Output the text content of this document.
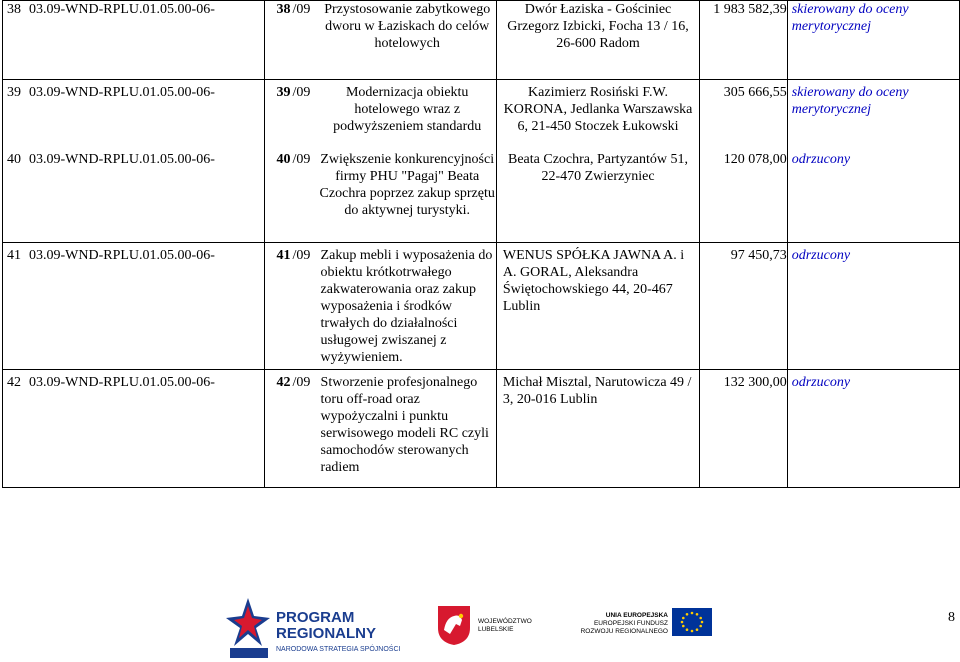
38 03.09-WND-RPLU.01.05.00-06-	38 /09 Przystosowanie zabytkowego dworu w Łaziskach do celów hotelowych	Dwór Łaziska - Gościniec Grzegorz Izbicki, Focha 13 / 16, 26-600 Radom	1 983 582,39	skierowany do oceny merytorycznej

39 03.09-WND-RPLU.01.05.00-06-	39 /09 Modernizacja obiektu hotelowego wraz z podwyższeniem standardu	Kazimierz Rosiński F.W. KORONA, Jedlanka Warszawska 6, 21-450 Stoczek Łukowski	305 666,55	skierowany do oceny merytorycznej

40 03.09-WND-RPLU.01.05.00-06-	40 /09 Zwiększenie konkurencyjności firmy PHU "Pagaj" Beata Czochra poprzez zakup sprzętu do aktywnej turystyki.	Beata Czochra, Partyzantów 51, 22-470 Zwierzyniec	120 078,00	odrzucony

41 03.09-WND-RPLU.01.05.00-06-	41 /09 Zakup mebli i wyposażenia do obiektu krótkotrwałego zakwaterowania oraz zakup wyposażenia i środków trwałych do działalności usługowej zwiszanej z wyżywieniem.	WENUS SPÓŁKA JAWNA A. i A. GORAL, Aleksandra Świętochowskiego 44, 20-467 Lublin	97 450,73	odrzucony

42 03.09-WND-RPLU.01.05.00-06-	42 /09 Stworzenie profesjonalnego toru off-road oraz wypożyczalni i punktu serwisowego modeli RC czyli samochodów sterowanych radiem	Michał Misztal, Narutowicza 49 / 3, 20-016 Lublin	132 300,00	odrzucony
PROGRAM
REGIONALNY
NARODOWA STRATEGIA SPÓJNOŚCI
WOJEWÓDZTWO
LUBELSKIE
UNIA EUROPEJSKA
EUROPEJSKI FUNDUSZ
ROZWOJU REGIONALNEGO
8
